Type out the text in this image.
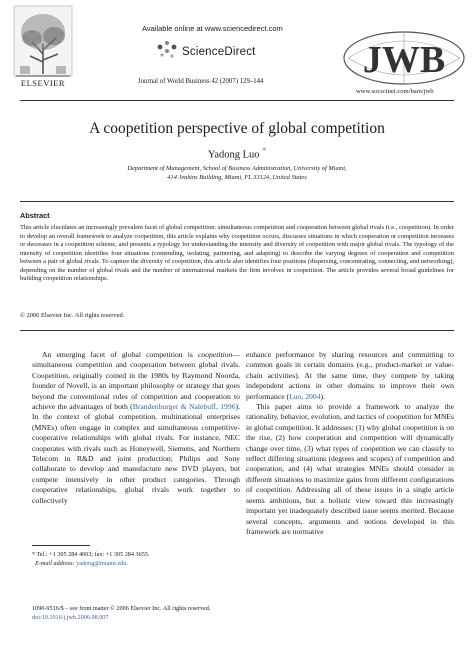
ELSEVIER
Available online at www.sciencedirect.com
ScienceDirect
Journal of World Business 42 (2007) 129–144
JWB
www.socscinet.com/bam/jwb
A coopetition perspective of global competition
Yadong Luo *
Department of Management, School of Business Administration, University of Miami,
414 Jenkins Building, Miami, FL 33124, United States
Abstract
This article elucidates an increasingly prevalent facet of global competition: simultaneous competition and cooperation between global rivals (i.e., coopetition). In order to develop an overall framework to analyze coopetition, this article explains why coopetition occurs, discusses situations in which cooperation or competition increases or decreases in a coopetition scheme, and presents a typology for understanding the intensity and diversity of coopetition with major global rivals. The typology of the intensity of coopetition identifies four situations (contending, isolating, partnering, and adapting) to describe the varying degrees of cooperation and competition between a pair of global rivals. To capture the diversity of coopetition, this article also identifies four positions (dispersing, concentrating, connecting, and networking), depending on the number of global rivals and the number of international markets the firm involves in coopetition. The article provides several broad guidelines for building coopetition relationships.
© 2006 Elsevier Inc. All rights reserved.

An emerging facet of global competition is coopetition—simultaneous competition and cooperation between global rivals. Coopetition, originally coined in the 1980s by Raymond Noorda, founder of Novell, is an important philosophy or strategy that goes beyond the conventional rules of competition and cooperation to achieve the advantages of both (Brandenburger & Nalebuff, 1996). In the context of global competition, multinational enterprises (MNEs) often engage in complex and simultaneous competitive-cooperative relationships with global rivals. For instance, NEC cooperates with rivals such as Honeywell, Siemens, and Northern Telecom in R&D and joint production; Philips and Sony collaborate to develop and manufacture new DVD players, but compete intensively in other product categories. Through cooperative relationships, global rivals work together to collectively

enhance performance by sharing resources and committing to common goals in certain domains (e.g., product-market or value-chain activities). At the same time, they compete by taking independent actions in other domains to improve their own performance (Luo, 2004).

This paper aims to provide a framework to analyze the rationality, behavior, evolution, and tactics of coopetition for MNEs in global competition. It addresses: (1) why global coopetition is on the rise, (2) how cooperation and competition will dynamically change over time, (3) what types of coopetition we can classify to reflect differing situations (degrees and scopes) of competition and cooperation, and (4) what strategies MNEs should consider in different situations to maximize gains from different configurations of coopetition. Addressing all of these issues in a single article seems ambitious, but a holistic view toward this increasingly important yet inadequately described issue seems merited. Because several concepts, arguments and notions developed in this framework are normative

* Tel.: +1 305 284 4003; fax: +1 305 284 3655.
E-mail address: yadong@miami.edu.
1090-9516/$ – see front matter © 2006 Elsevier Inc. All rights reserved.
doi:10.1016/j.jwb.2006.08.007
